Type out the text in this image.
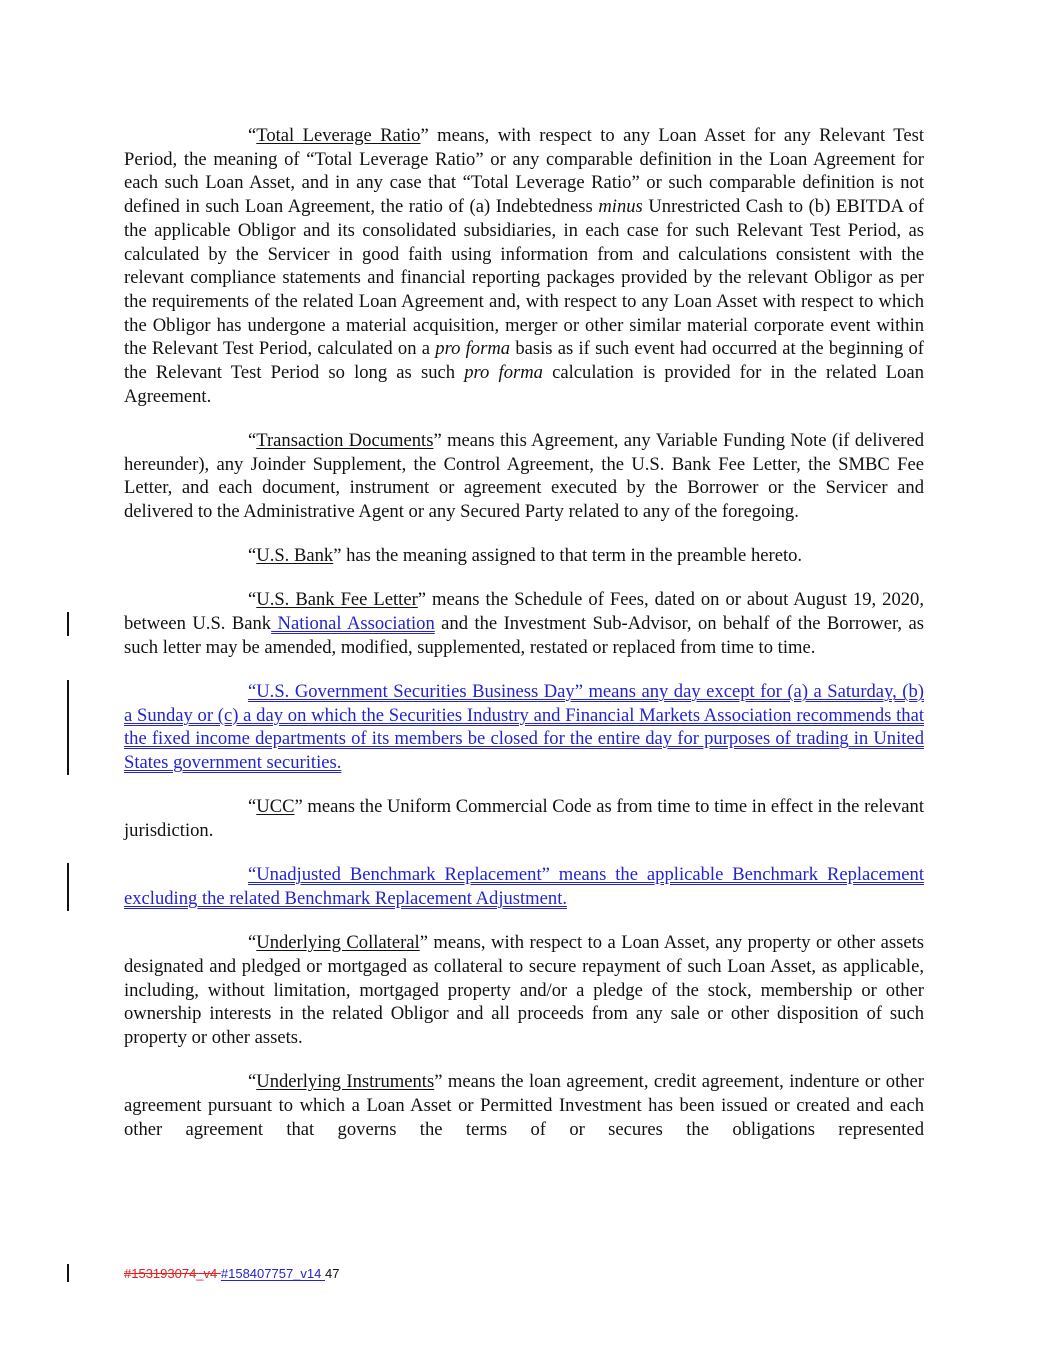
“Total Leverage Ratio” means, with respect to any Loan Asset for any Relevant Test Period, the meaning of “Total Leverage Ratio” or any comparable definition in the Loan Agreement for each such Loan Asset, and in any case that “Total Leverage Ratio” or such comparable definition is not defined in such Loan Agreement, the ratio of (a) Indebtedness minus Unrestricted Cash to (b) EBITDA of the applicable Obligor and its consolidated subsidiaries, in each case for such Relevant Test Period, as calculated by the Servicer in good faith using information from and calculations consistent with the relevant compliance statements and financial reporting packages provided by the relevant Obligor as per the requirements of the related Loan Agreement and, with respect to any Loan Asset with respect to which the Obligor has undergone a material acquisition, merger or other similar material corporate event within the Relevant Test Period, calculated on a pro forma basis as if such event had occurred at the beginning of the Relevant Test Period so long as such pro forma calculation is provided for in the related Loan Agreement.

“Transaction Documents” means this Agreement, any Variable Funding Note (if delivered hereunder), any Joinder Supplement, the Control Agreement, the U.S. Bank Fee Letter, the SMBC Fee Letter, and each document, instrument or agreement executed by the Borrower or the Servicer and delivered to the Administrative Agent or any Secured Party related to any of the foregoing.

“U.S. Bank” has the meaning assigned to that term in the preamble hereto.

“U.S. Bank Fee Letter” means the Schedule of Fees, dated on or about August 19, 2020, between U.S. Bank National Association and the Investment Sub-Advisor, on behalf of the Borrower, as such letter may be amended, modified, supplemented, restated or replaced from time to time.

“U.S. Government Securities Business Day” means any day except for (a) a Saturday, (b) a Sunday or (c) a day on which the Securities Industry and Financial Markets Association recommends that the fixed income departments of its members be closed for the entire day for purposes of trading in United States government securities.

“UCC” means the Uniform Commercial Code as from time to time in effect in the relevant jurisdiction.

“Unadjusted Benchmark Replacement” means the applicable Benchmark Replacement excluding the related Benchmark Replacement Adjustment.

“Underlying Collateral” means, with respect to a Loan Asset, any property or other assets designated and pledged or mortgaged as collateral to secure repayment of such Loan Asset, as applicable, including, without limitation, mortgaged property and/or a pledge of the stock, membership or other ownership interests in the related Obligor and all proceeds from any sale or other disposition of such property or other assets.

“Underlying Instruments” means the loan agreement, credit agreement, indenture or other agreement pursuant to which a Loan Asset or Permitted Investment has been issued or created and each other agreement that governs the terms of or secures the obligations represented

#153193074_v4 #158407757_v14 47
